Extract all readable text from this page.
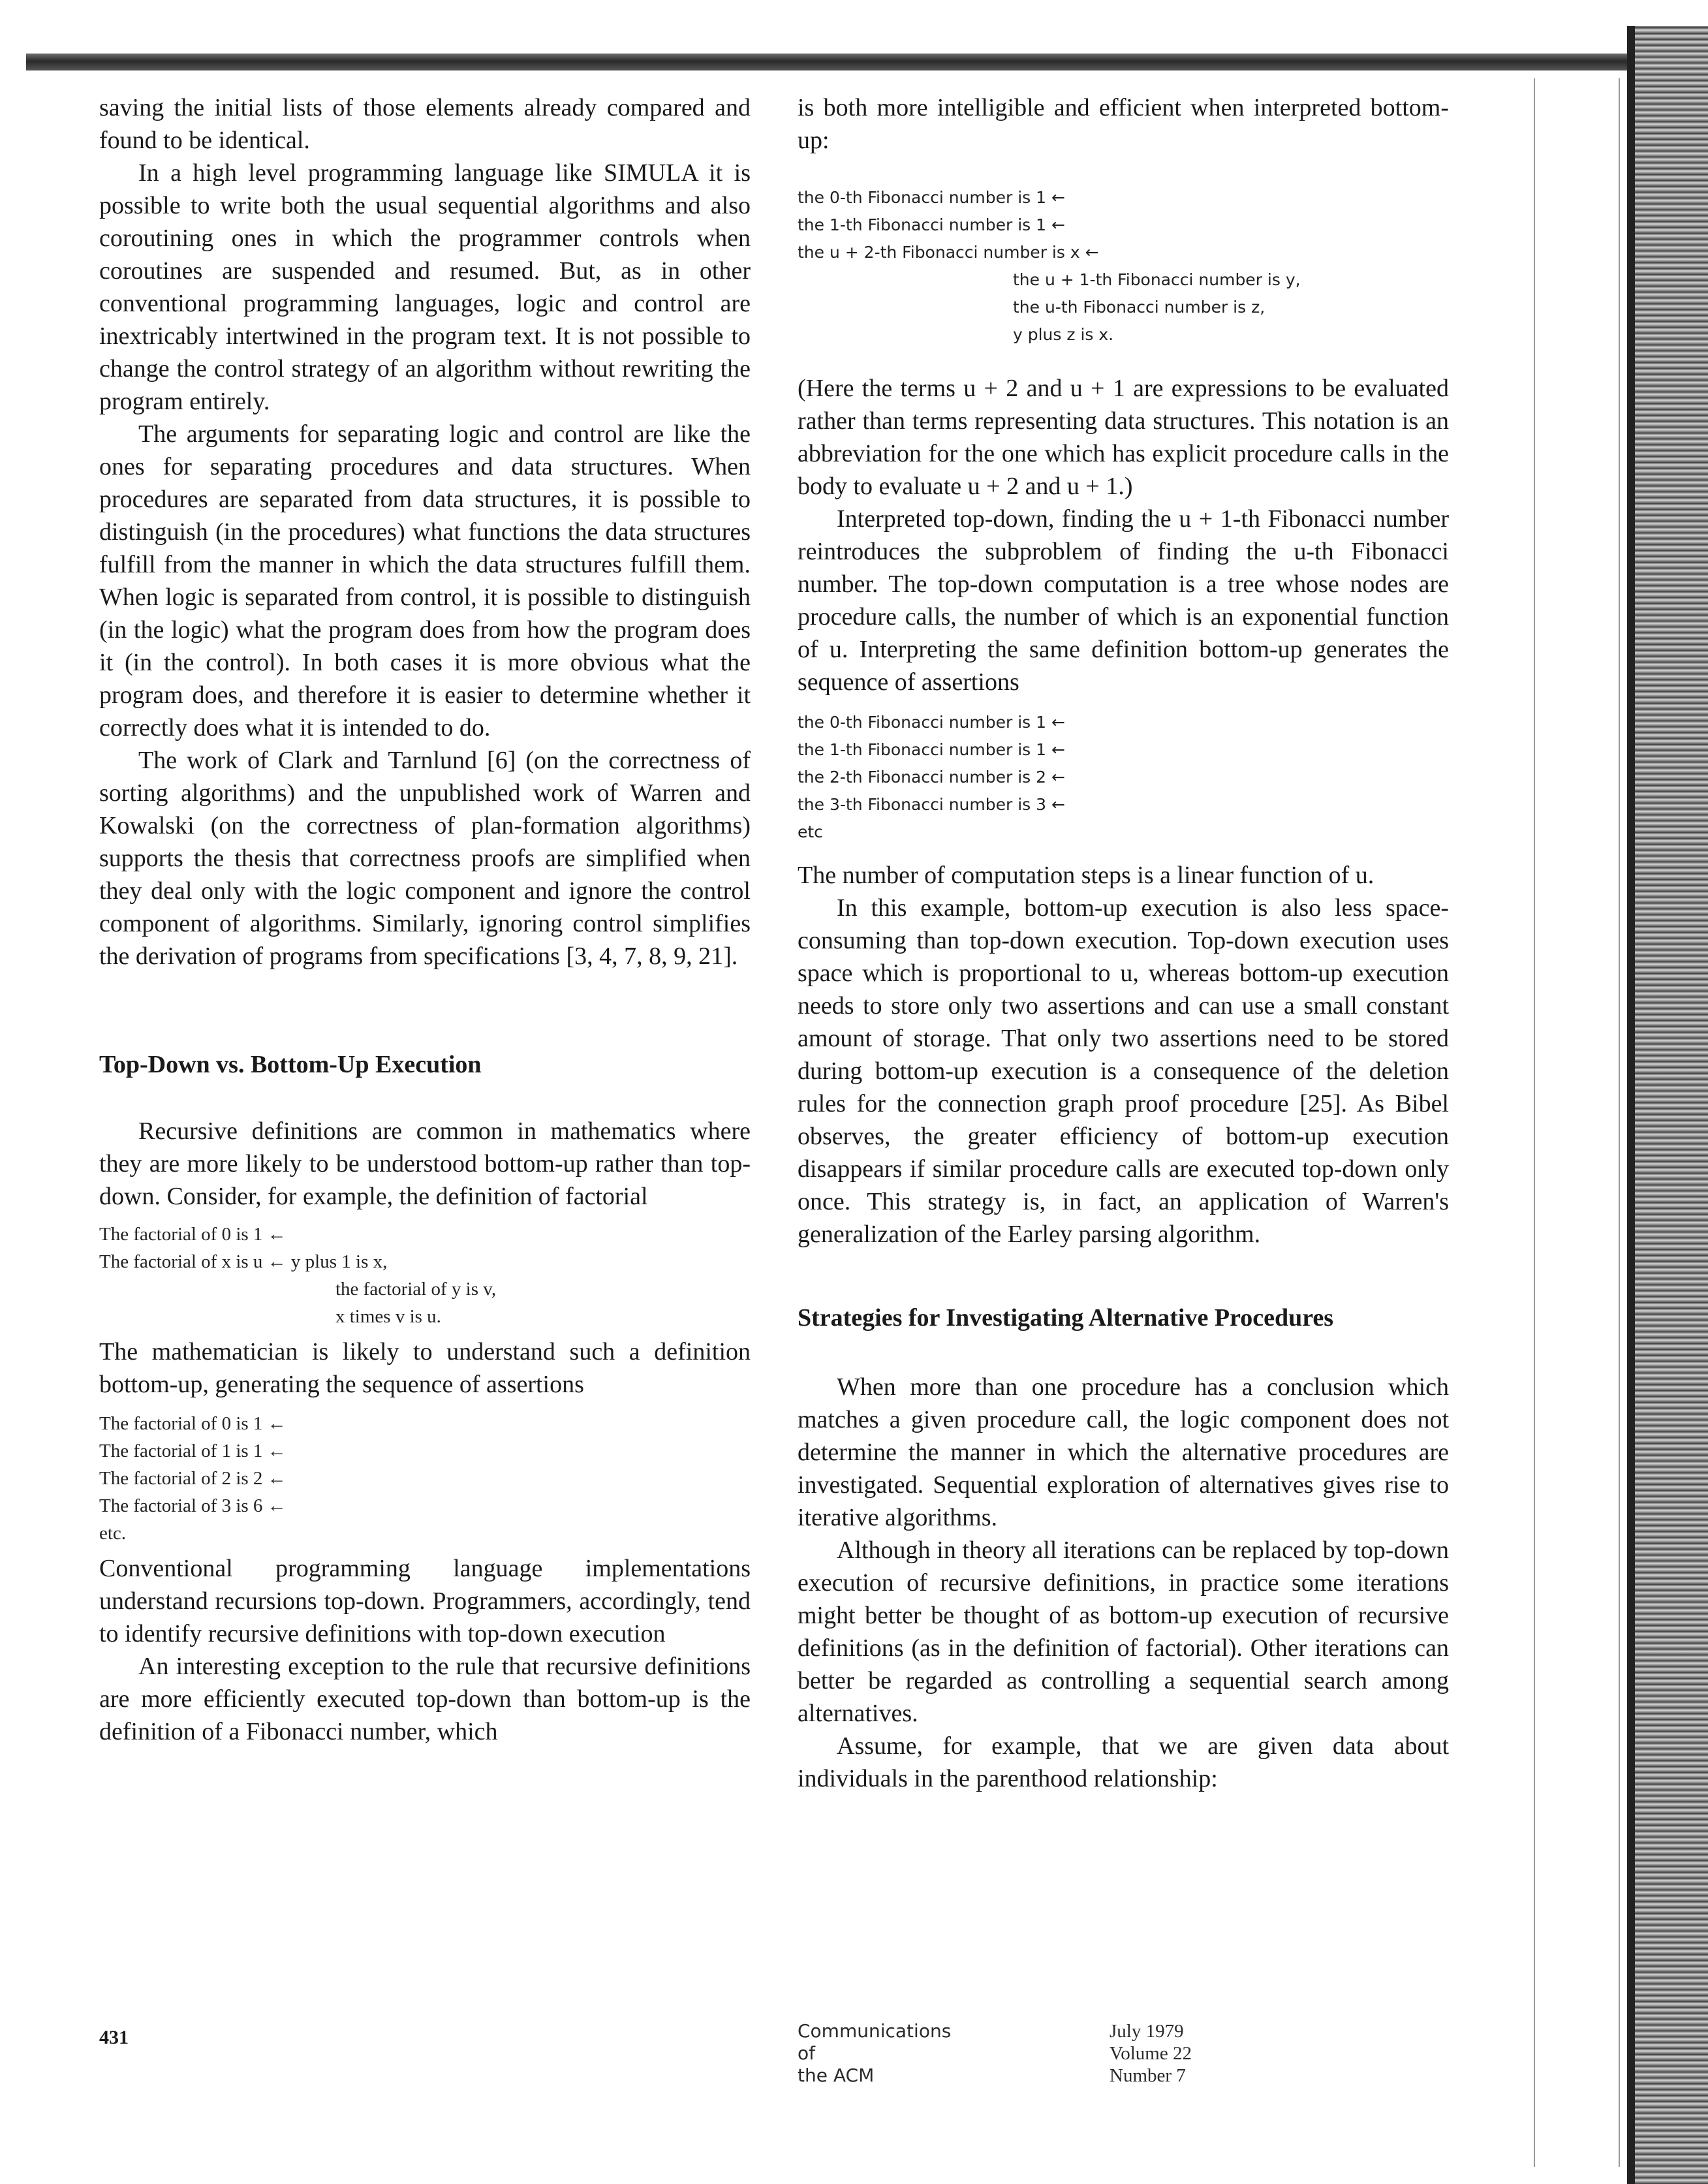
saving the initial lists of those elements already compared and found to be identical.

In a high level programming language like SIMULA it is possible to write both the usual sequential algorithms and also coroutining ones in which the programmer controls when coroutines are suspended and resumed. But, as in other conventional programming languages, logic and control are inextricably intertwined in the program text. It is not possible to change the control strategy of an algorithm without rewriting the program entirely.

The arguments for separating logic and control are like the ones for separating procedures and data structures. When procedures are separated from data structures, it is possible to distinguish (in the procedures) what functions the data structures fulfill from the manner in which the data structures fulfill them. When logic is separated from control, it is possible to distinguish (in the logic) what the program does from how the program does it (in the control). In both cases it is more obvious what the program does, and therefore it is easier to determine whether it correctly does what it is intended to do.

The work of Clark and Tarnlund [6] (on the correctness of sorting algorithms) and the unpublished work of Warren and Kowalski (on the correctness of plan-formation algorithms) supports the thesis that correctness proofs are simplified when they deal only with the logic component and ignore the control component of algorithms. Similarly, ignoring control simplifies the derivation of programs from specifications [3, 4, 7, 8, 9, 21].

Top-Down vs. Bottom-Up Execution

Recursive definitions are common in mathematics where they are more likely to be understood bottom-up rather than top-down. Consider, for example, the definition of factorial

The factorial of 0 is 1 ←
The factorial of x is u ← y plus 1 is x,
the factorial of y is v,
x times v is u.

The mathematician is likely to understand such a definition bottom-up, generating the sequence of assertions

The factorial of 0 is 1 ←
The factorial of 1 is 1 ←
The factorial of 2 is 2 ←
The factorial of 3 is 6 ←
etc.

Conventional programming language implementations understand recursions top-down. Programmers, accordingly, tend to identify recursive definitions with top-down execution

An interesting exception to the rule that recursive definitions are more efficiently executed top-down than bottom-up is the definition of a Fibonacci number, which

is both more intelligible and efficient when interpreted bottom-up:

the 0-th Fibonacci number is 1 ←
the 1-th Fibonacci number is 1 ←
the u + 2-th Fibonacci number is x ←
the u + 1-th Fibonacci number is y,
the u-th Fibonacci number is z,
y plus z is x.

(Here the terms u + 2 and u + 1 are expressions to be evaluated rather than terms representing data structures. This notation is an abbreviation for the one which has explicit procedure calls in the body to evaluate u + 2 and u + 1.)

Interpreted top-down, finding the u + 1-th Fibonacci number reintroduces the subproblem of finding the u-th Fibonacci number. The top-down computation is a tree whose nodes are procedure calls, the number of which is an exponential function of u. Interpreting the same definition bottom-up generates the sequence of assertions

the 0-th Fibonacci number is 1 ←
the 1-th Fibonacci number is 1 ←
the 2-th Fibonacci number is 2 ←
the 3-th Fibonacci number is 3 ←
etc

The number of computation steps is a linear function of u.

In this example, bottom-up execution is also less space-consuming than top-down execution. Top-down execution uses space which is proportional to u, whereas bottom-up execution needs to store only two assertions and can use a small constant amount of storage. That only two assertions need to be stored during bottom-up execution is a consequence of the deletion rules for the connection graph proof procedure [25]. As Bibel observes, the greater efficiency of bottom-up execution disappears if similar procedure calls are executed top-down only once. This strategy is, in fact, an application of Warren's generalization of the Earley parsing algorithm.

Strategies for Investigating Alternative Procedures

When more than one procedure has a conclusion which matches a given procedure call, the logic component does not determine the manner in which the alternative procedures are investigated. Sequential exploration of alternatives gives rise to iterative algorithms.

Although in theory all iterations can be replaced by top-down execution of recursive definitions, in practice some iterations might better be thought of as bottom-up execution of recursive definitions (as in the definition of factorial). Other iterations can better be regarded as controlling a sequential search among alternatives.

Assume, for example, that we are given data about individuals in the parenthood relationship:

431	Communications
of
the ACM
July 1979
Volume 22
Number 7
